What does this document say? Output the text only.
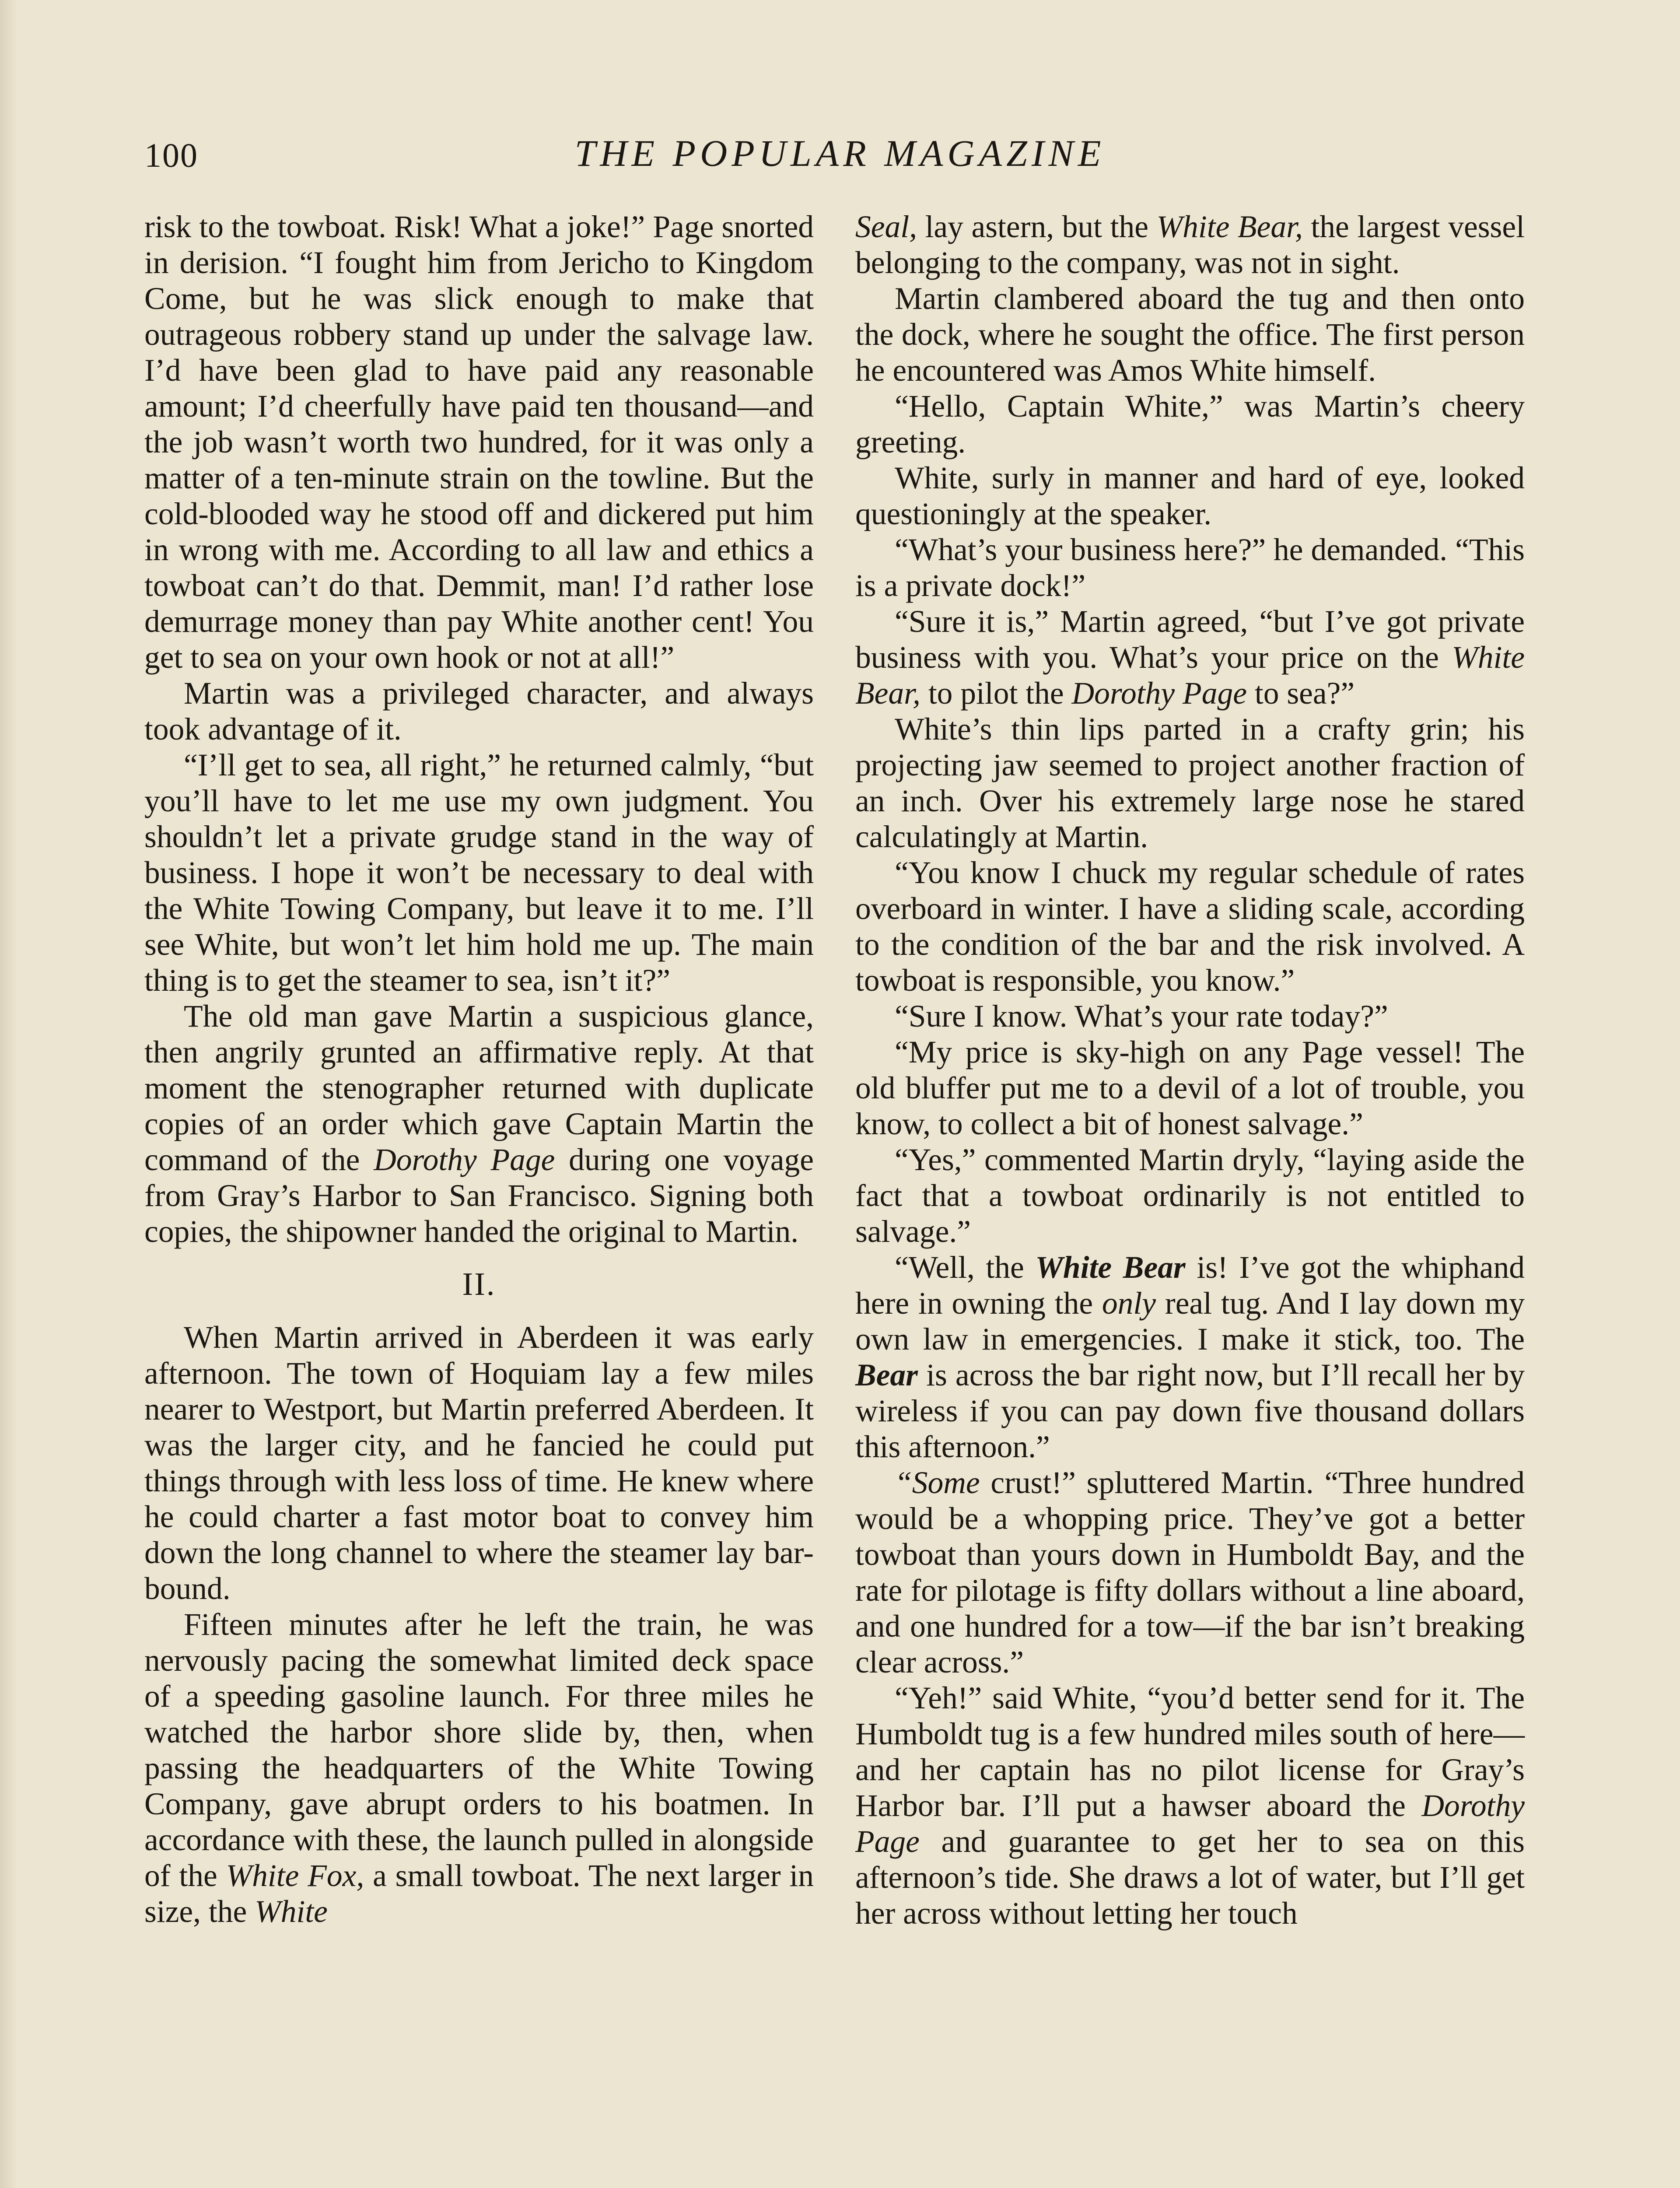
100	THE POPULAR MAGAZINE

risk to the towboat. Risk! What a joke!” Page snorted in derision. “I fought him from Jericho to Kingdom Come, but he was slick enough to make that outrageous robbery stand up under the salvage law. I’d have been glad to have paid any reasonable amount; I’d cheerfully have paid ten thousand—and the job wasn’t worth two hundred, for it was only a matter of a ten-minute strain on the towline. But the cold-blooded way he stood off and dickered put him in wrong with me. According to all law and ethics a towboat can’t do that. Demmit, man! I’d rather lose demurrage money than pay White another cent! You get to sea on your own hook or not at all!”

Martin was a privileged character, and always took advantage of it.

“I’ll get to sea, all right,” he returned calmly, “but you’ll have to let me use my own judgment. You shouldn’t let a private grudge stand in the way of business. I hope it won’t be necessary to deal with the White Towing Company, but leave it to me. I’ll see White, but won’t let him hold me up. The main thing is to get the steamer to sea, isn’t it?”

The old man gave Martin a suspicious glance, then angrily grunted an affirmative reply. At that moment the stenographer returned with duplicate copies of an order which gave Captain Martin the command of the Dorothy Page during one voyage from Gray’s Harbor to San Francisco. Signing both copies, the shipowner handed the original to Martin.

II.

When Martin arrived in Aberdeen it was early afternoon. The town of Hoquiam lay a few miles nearer to Westport, but Martin preferred Aberdeen. It was the larger city, and he fancied he could put things through with less loss of time. He knew where he could charter a fast motor boat to convey him down the long channel to where the steamer lay bar-bound.

Fifteen minutes after he left the train, he was nervously pacing the somewhat limited deck space of a speeding gasoline launch. For three miles he watched the harbor shore slide by, then, when passing the headquarters of the White Towing Company, gave abrupt orders to his boatmen. In accordance with these, the launch pulled in alongside of the White Fox, a small towboat. The next larger in size, the White

Seal, lay astern, but the White Bear, the largest vessel belonging to the company, was not in sight.

Martin clambered aboard the tug and then onto the dock, where he sought the office. The first person he encountered was Amos White himself.

“Hello, Captain White,” was Martin’s cheery greeting.

White, surly in manner and hard of eye, looked questioningly at the speaker.

“What’s your business here?” he demanded. “This is a private dock!”

“Sure it is,” Martin agreed, “but I’ve got private business with you. What’s your price on the White Bear, to pilot the Dorothy Page to sea?”

White’s thin lips parted in a crafty grin; his projecting jaw seemed to project another fraction of an inch. Over his extremely large nose he stared calculatingly at Martin.

“You know I chuck my regular schedule of rates overboard in winter. I have a sliding scale, according to the condition of the bar and the risk involved. A towboat is responsible, you know.”

“Sure I know. What’s your rate today?”

“My price is sky-high on any Page vessel! The old bluffer put me to a devil of a lot of trouble, you know, to collect a bit of honest salvage.”

“Yes,” commented Martin dryly, “laying aside the fact that a towboat ordinarily is not entitled to salvage.”

“Well, the White Bear is! I’ve got the whiphand here in owning the only real tug. And I lay down my own law in emergencies. I make it stick, too. The Bear is across the bar right now, but I’ll recall her by wireless if you can pay down five thousand dollars this afternoon.”

“Some crust!” spluttered Martin. “Three hundred would be a whopping price. They’ve got a better towboat than yours down in Humboldt Bay, and the rate for pilotage is fifty dollars without a line aboard, and one hundred for a tow—if the bar isn’t breaking clear across.”

“Yeh!” said White, “you’d better send for it. The Humboldt tug is a few hundred miles south of here—and her captain has no pilot license for Gray’s Harbor bar. I’ll put a hawser aboard the Dorothy Page and guarantee to get her to sea on this afternoon’s tide. She draws a lot of water, but I’ll get her across without letting her touch
